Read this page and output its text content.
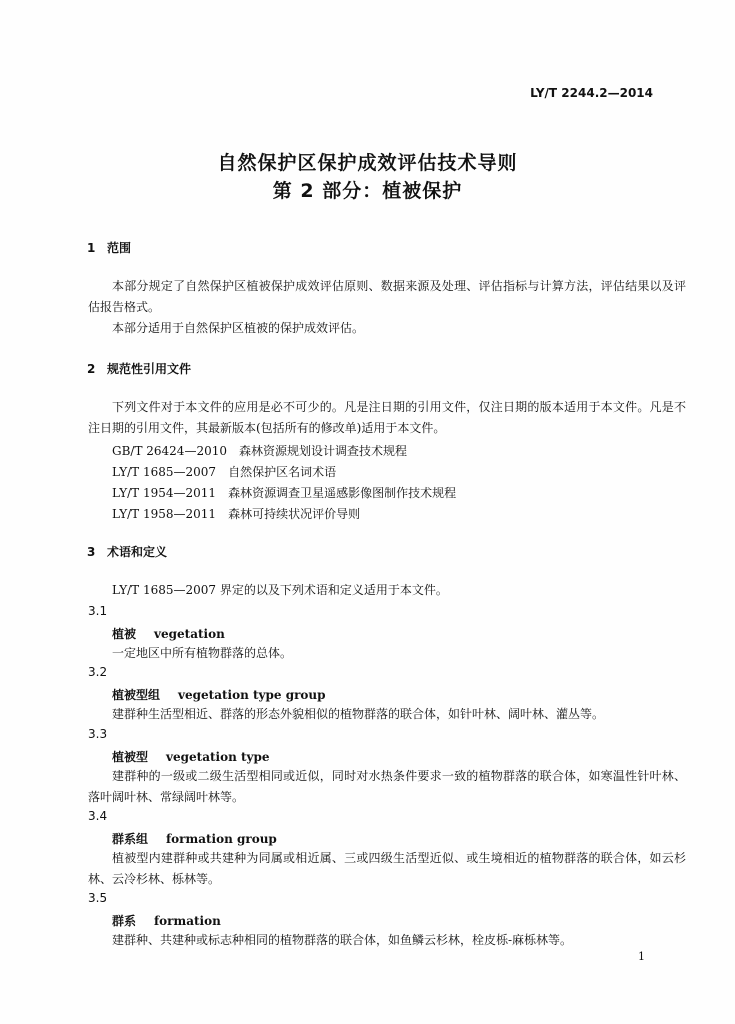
LY/T 2244.2—2014
自然保护区保护成效评估技术导则
第 2 部分：植被保护
1 范围

本部分规定了自然保护区植被保护成效评估原则、数据来源及处理、评估指标与计算方法，评估结果以及评估报告格式。

本部分适用于自然保护区植被的保护成效评估。

2 规范性引用文件

下列文件对于本文件的应用是必不可少的。凡是注日期的引用文件，仅注日期的版本适用于本文件。凡是不注日期的引用文件，其最新版本(包括所有的修改单)适用于本文件。

GB/T 26424—2010　森林资源规划设计调查技术规程
LY/T 1685—2007　自然保护区名词术语
LY/T 1954—2011　森林资源调查卫星遥感影像图制作技术规程
LY/T 1958—2011　森林可持续状况评价导则
3 术语和定义

LY/T 1685—2007 界定的以及下列术语和定义适用于本文件。

3.1
植被 vegetation

一定地区中所有植物群落的总体。

3.2
植被型组 vegetation type group

建群种生活型相近、群落的形态外貌相似的植物群落的联合体，如针叶林、阔叶林、灌丛等。

3.3
植被型 vegetation type

建群种的一级或二级生活型相同或近似，同时对水热条件要求一致的植物群落的联合体，如寒温性针叶林、落叶阔叶林、常绿阔叶林等。

3.4
群系组 formation group

植被型内建群种或共建种为同属或相近属、三或四级生活型近似、或生境相近的植物群落的联合体，如云杉林、云冷杉林、栎林等。

3.5
群系 formation

建群种、共建种或标志种相同的植物群落的联合体，如鱼鳞云杉林，栓皮栎-麻栎林等。

1
